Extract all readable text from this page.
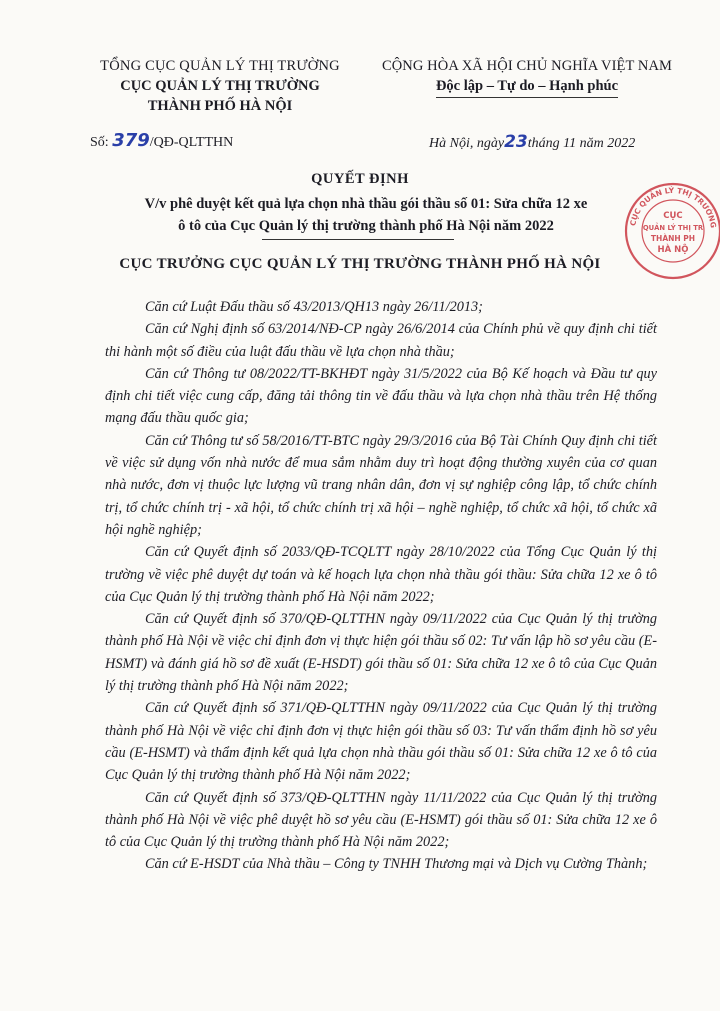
TỔNG CỤC QUẢN LÝ THỊ TRƯỜNG
CỤC QUẢN LÝ THỊ TRƯỜNG
THÀNH PHỐ HÀ NỘI
CỘNG HÒA XÃ HỘI CHỦ NGHĨA VIỆT NAM
Độc lập – Tự do – Hạnh phúc
Số: 379/QĐ-QLTTHN	Hà Nội, ngày23tháng 11 năm 2022
QUYẾT ĐỊNH
V/v phê duyệt kết quả lựa chọn nhà thầu gói thầu số 01: Sửa chữa 12 xe
ô tô của Cục Quản lý thị trường thành phố Hà Nội năm 2022
CỤC TRƯỞNG CỤC QUẢN LÝ THỊ TRƯỜNG THÀNH PHỐ HÀ NỘI

Căn cứ Luật Đấu thầu số 43/2013/QH13 ngày 26/11/2013;

Căn cứ Nghị định số 63/2014/NĐ-CP ngày 26/6/2014 của Chính phủ về quy định chi tiết thi hành một số điều của luật đấu thầu về lựa chọn nhà thầu;

Căn cứ Thông tư 08/2022/TT-BKHĐT ngày 31/5/2022 của Bộ Kế hoạch và Đầu tư quy định chi tiết việc cung cấp, đăng tải thông tin về đấu thầu và lựa chọn nhà thầu trên Hệ thống mạng đấu thầu quốc gia;

Căn cứ Thông tư số 58/2016/TT-BTC ngày 29/3/2016 của Bộ Tài Chính Quy định chi tiết về việc sử dụng vốn nhà nước để mua sắm nhằm duy trì hoạt động thường xuyên của cơ quan nhà nước, đơn vị thuộc lực lượng vũ trang nhân dân, đơn vị sự nghiệp công lập, tổ chức chính trị, tổ chức chính trị - xã hội, tổ chức chính trị xã hội – nghề nghiệp, tổ chức xã hội, tổ chức xã hội nghề nghiệp;

Căn cứ Quyết định số 2033/QĐ-TCQLTT ngày 28/10/2022 của Tổng Cục Quản lý thị trường về việc phê duyệt dự toán và kế hoạch lựa chọn nhà thầu gói thầu: Sửa chữa 12 xe ô tô của Cục Quản lý thị trường thành phố Hà Nội năm 2022;

Căn cứ Quyết định số 370/QĐ-QLTTHN ngày 09/11/2022 của Cục Quản lý thị trường thành phố Hà Nội về việc chỉ định đơn vị thực hiện gói thầu số 02: Tư vấn lập hồ sơ yêu cầu (E-HSMT) và đánh giá hồ sơ đề xuất (E-HSDT) gói thầu số 01: Sửa chữa 12 xe ô tô của Cục Quản lý thị trường thành phố Hà Nội năm 2022;

Căn cứ Quyết định số 371/QĐ-QLTTHN ngày 09/11/2022 của Cục Quản lý thị trường thành phố Hà Nội về việc chỉ định đơn vị thực hiện gói thầu số 03: Tư vấn thẩm định hồ sơ yêu cầu (E-HSMT) và thẩm định kết quả lựa chọn nhà thầu gói thầu số 01: Sửa chữa 12 xe ô tô của Cục Quản lý thị trường thành phố Hà Nội năm 2022;

Căn cứ Quyết định số 373/QĐ-QLTTHN ngày 11/11/2022 của Cục Quản lý thị trường thành phố Hà Nội về việc phê duyệt hồ sơ yêu cầu (E-HSMT) gói thầu số 01: Sửa chữa 12 xe ô tô của Cục Quản lý thị trường thành phố Hà Nội năm 2022;

Căn cứ E-HSDT của Nhà thầu – Công ty TNHH Thương mại và Dịch vụ Cường Thành;

CỤC QUẢN LÝ THỊ TRƯỜNG
CỤC
QUẢN LÝ THỊ TR
THÀNH PH
HÀ NỘ
